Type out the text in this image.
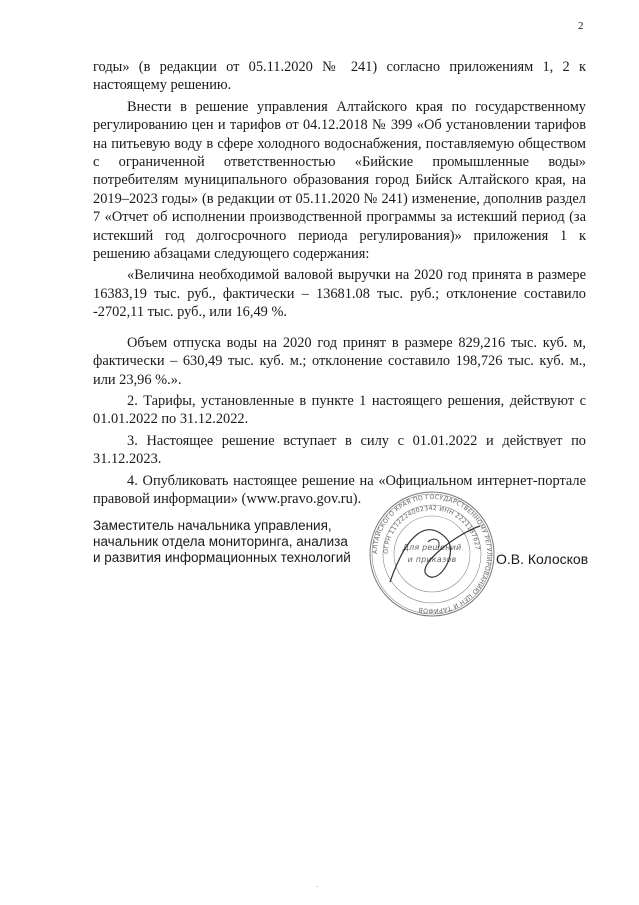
2

годы» (в редакции от 05.11.2020 № 241) согласно приложениям 1, 2 к настоящему решению.

Внести в решение управления Алтайского края по государственному регулированию цен и тарифов от 04.12.2018 № 399 «Об установлении тарифов на питьевую воду в сфере холодного водоснабжения, поставляемую обществом с ограниченной ответственностью «Бийские промышленные воды» потребителям муниципального образования город Бийск Алтайского края, на 2019–2023 годы» (в редакции от 05.11.2020 № 241) изменение, дополнив раздел 7 «Отчет об исполнении производственной программы за истекший период (за истекший год долгосрочного периода регулирования)» приложения 1 к решению абзацами следующего содержания:

«Величина необходимой валовой выручки на 2020 год принята в размере 16383,19 тыс. руб., фактически – 13681.08 тыс. руб.; отклонение составило -2702,11 тыс. руб., или 16,49 %.

Объем отпуска воды на 2020 год принят в размере 829,216 тыс. куб. м, фактически – 630,49 тыс. куб. м.; отклонение составило 198,726 тыс. куб. м., или 23,96 %.».

2. Тарифы, установленные в пункте 1 настоящего решения, действуют с 01.01.2022 по 31.12.2022.

3. Настоящее решение вступает в силу с 01.01.2022 и действует по 31.12.2023.

4. Опубликовать настоящее решение на «Официальном интернет-портале правовой информации» (www.pravo.gov.ru).

Заместитель начальника управления,
начальник отдела мониторинга, анализа
и развития информационных технологий	АЛТАЙСКОГО КРАЯ ПО ГОСУДАРСТВЕННОМУ РЕГУЛИРОВАНИЮ ЦЕН И ТАРИФОВ
ОГРН 1112224002342 ИНН 2221187627
Для решений
и приказов	О.В. Колосков
.
